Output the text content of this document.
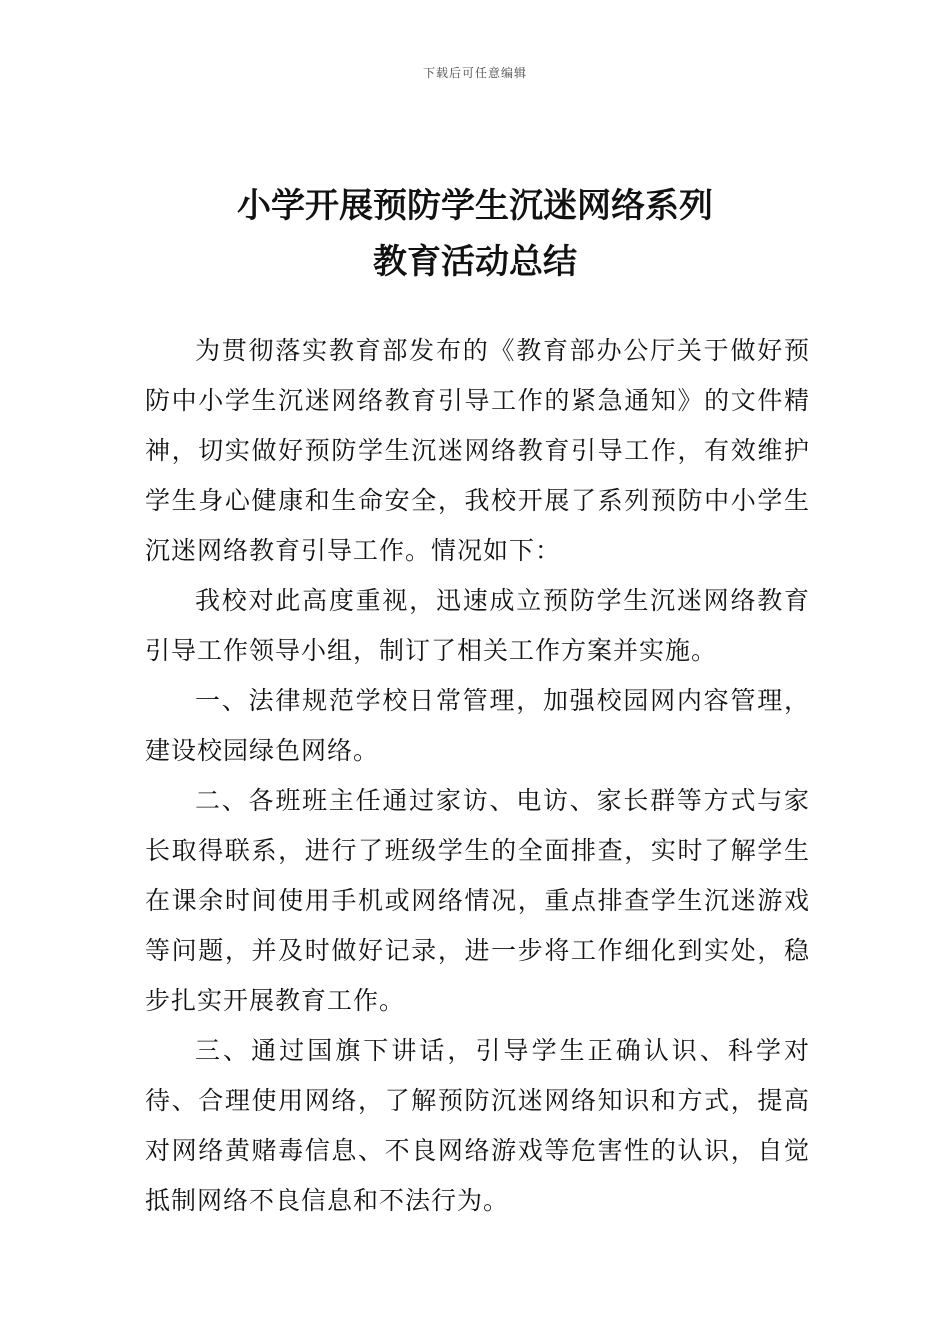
下载后可任意编辑
小学开展预防学生沉迷网络系列
教育活动总结

为贯彻落实教育部发布的《教育部办公厅关于做好预防中小学生沉迷网络教育引导工作的紧急通知》的文件精神，切实做好预防学生沉迷网络教育引导工作，有效维护学生身心健康和生命安全，我校开展了系列预防中小学生沉迷网络教育引导工作。情况如下：

我校对此高度重视，迅速成立预防学生沉迷网络教育引导工作领导小组，制订了相关工作方案并实施。

一、法律规范学校日常管理，加强校园网内容管理，建设校园绿色网络。

二、各班班主任通过家访、电访、家长群等方式与家长取得联系，进行了班级学生的全面排查，实时了解学生在课余时间使用手机或网络情况，重点排查学生沉迷游戏等问题，并及时做好记录，进一步将工作细化到实处，稳步扎实开展教育工作。

三、通过国旗下讲话，引导学生正确认识、科学对待、合理使用网络，了解预防沉迷网络知识和方式，提高对网络黄赌毒信息、不良网络游戏等危害性的认识，自觉抵制网络不良信息和不法行为。
